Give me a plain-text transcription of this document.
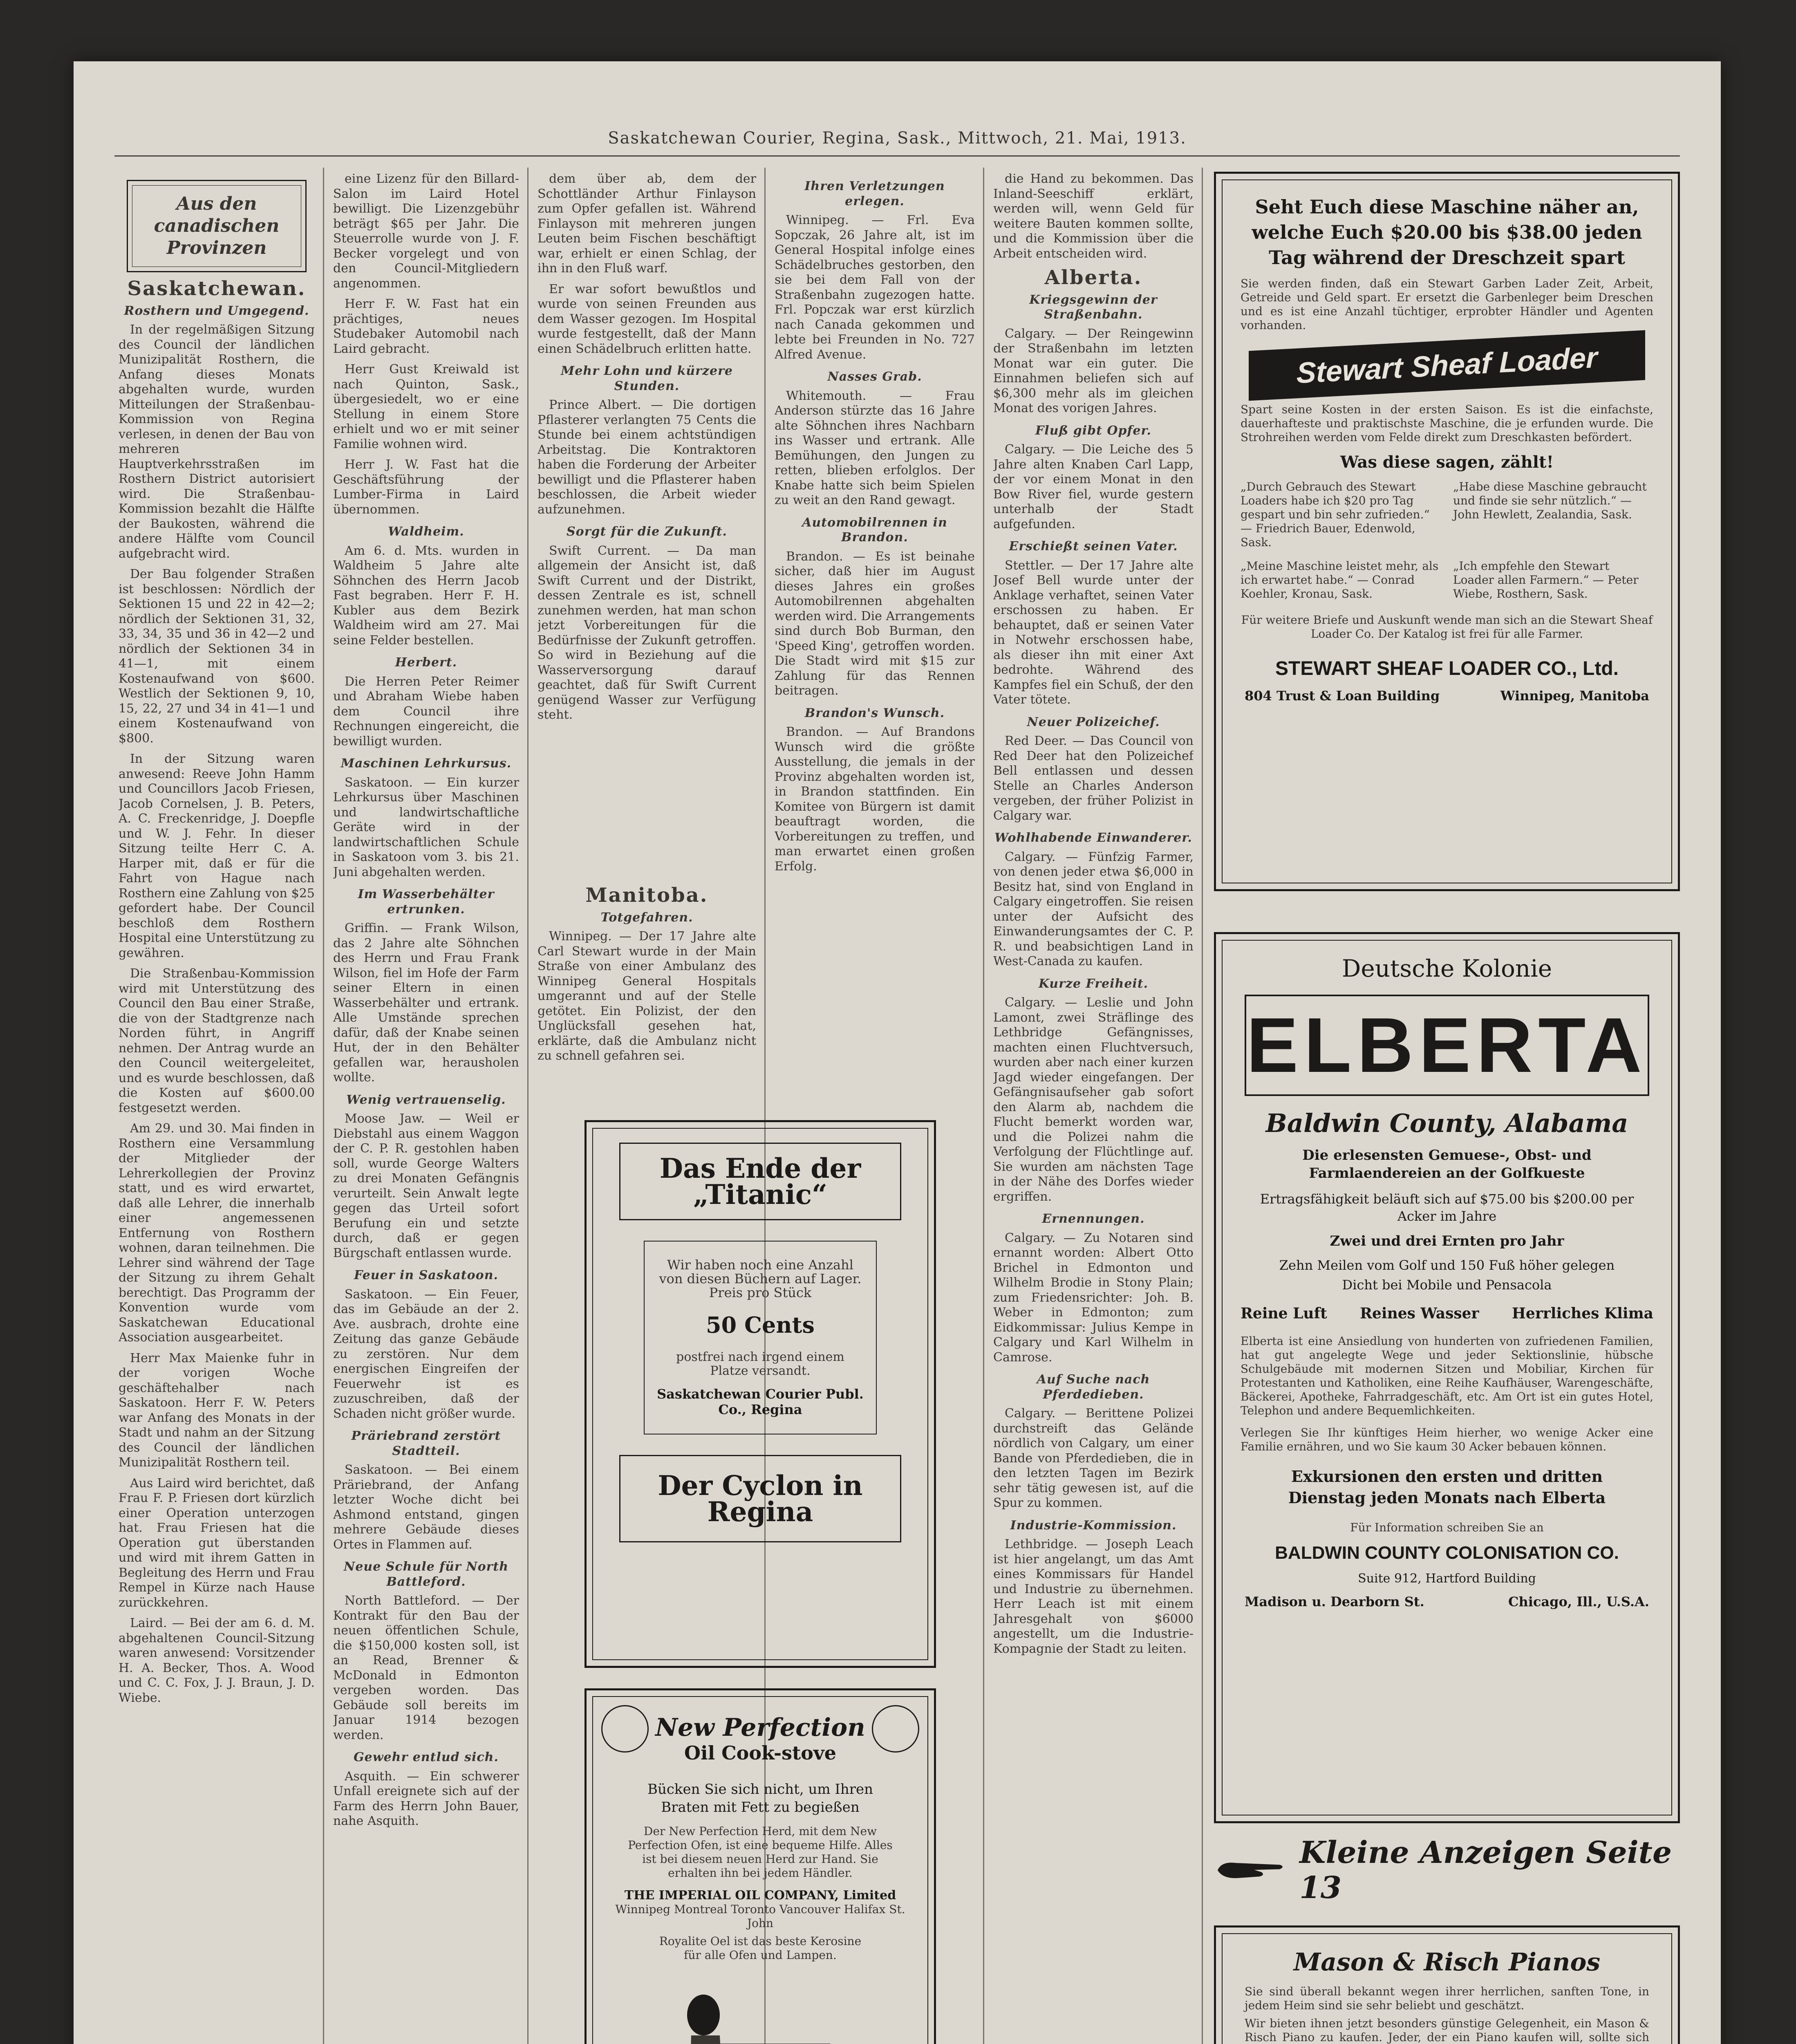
Saskatchewan Courier, Regina, Sask., Mittwoch, 21. Mai, 1913.
Aus den canadischen
Provinzen
Saskatchewan.
Rosthern und Umgegend.

In der regelmäßigen Sitzung des Council der ländlichen Munizipalität Rosthern, die Anfang dieses Monats abgehalten wurde, wurden Mitteilungen der Straßenbau-Kommission von Regina verlesen, in denen der Bau von mehreren Hauptverkehrsstraßen im Rosthern District autorisiert wird. Die Straßenbau-Kommission bezahlt die Hälfte der Baukosten, während die andere Hälfte vom Council aufgebracht wird.

Der Bau folgender Straßen ist beschlossen: Nördlich der Sektionen 15 und 22 in 42—2; nördlich der Sektionen 31, 32, 33, 34, 35 und 36 in 42—2 und nördlich der Sektionen 34 in 41—1, mit einem Kostenaufwand von $600. Westlich der Sektionen 9, 10, 15, 22, 27 und 34 in 41—1 und einem Kostenaufwand von $800.

In der Sitzung waren anwesend: Reeve John Hamm und Councillors Jacob Friesen, Jacob Cornelsen, J. B. Peters, A. C. Freckenridge, J. Doepfle und W. J. Fehr. In dieser Sitzung teilte Herr C. A. Harper mit, daß er für die Fahrt von Hague nach Rosthern eine Zahlung von $25 gefordert habe. Der Council beschloß dem Rosthern Hospital eine Unterstützung zu gewähren.

Die Straßenbau-Kommission wird mit Unterstützung des Council den Bau einer Straße, die von der Stadtgrenze nach Norden führt, in Angriff nehmen. Der Antrag wurde an den Council weitergeleitet, und es wurde beschlossen, daß die Kosten auf $600.00 festgesetzt werden.

Am 29. und 30. Mai finden in Rosthern eine Versammlung der Mitglieder der Lehrerkollegien der Provinz statt, und es wird erwartet, daß alle Lehrer, die innerhalb einer angemessenen Entfernung von Rosthern wohnen, daran teilnehmen. Die Lehrer sind während der Tage der Sitzung zu ihrem Gehalt berechtigt. Das Programm der Konvention wurde vom Saskatchewan Educational Association ausgearbeitet.

Herr Max Maienke fuhr in der vorigen Woche geschäftehalber nach Saskatoon. Herr F. W. Peters war Anfang des Monats in der Stadt und nahm an der Sitzung des Council der ländlichen Munizipalität Rosthern teil.

Aus Laird wird berichtet, daß Frau F. P. Friesen dort kürzlich einer Operation unterzogen hat. Frau Friesen hat die Operation gut überstanden und wird mit ihrem Gatten in Begleitung des Herrn und Frau Rempel in Kürze nach Hause zurückkehren.

Laird. — Bei der am 6. d. M. abgehaltenen Council-Sitzung waren anwesend: Vorsitzender H. A. Becker, Thos. A. Wood und C. C. Fox, J. J. Braun, J. D. Wiebe.

eine Lizenz für den Billard-Salon im Laird Hotel bewilligt. Die Lizenzgebühr beträgt $65 per Jahr. Die Steuerrolle wurde von J. F. Becker vorgelegt und von den Council-Mitgliedern angenommen.

Herr F. W. Fast hat ein prächtiges, neues Studebaker Automobil nach Laird gebracht.

Herr Gust Kreiwald ist nach Quinton, Sask., übergesiedelt, wo er eine Stellung in einem Store erhielt und wo er mit seiner Familie wohnen wird.

Herr J. W. Fast hat die Geschäftsführung der Lumber-Firma in Laird übernommen.

Waldheim.

Am 6. d. Mts. wurden in Waldheim 5 Jahre alte Söhnchen des Herrn Jacob Fast begraben. Herr F. H. Kubler aus dem Bezirk Waldheim wird am 27. Mai seine Felder bestellen.

Herbert.

Die Herren Peter Reimer und Abraham Wiebe haben dem Council ihre Rechnungen eingereicht, die bewilligt wurden.

Maschinen Lehrkursus.

Saskatoon. — Ein kurzer Lehrkursus über Maschinen und landwirtschaftliche Geräte wird in der landwirtschaftlichen Schule in Saskatoon vom 3. bis 21. Juni abgehalten werden.

Im Wasserbehälter ertrunken.

Griffin. — Frank Wilson, das 2 Jahre alte Söhnchen des Herrn und Frau Frank Wilson, fiel im Hofe der Farm seiner Eltern in einen Wasserbehälter und ertrank. Alle Umstände sprechen dafür, daß der Knabe seinen Hut, der in den Behälter gefallen war, herausholen wollte.

Wenig vertrauenselig.

Moose Jaw. — Weil er Diebstahl aus einem Waggon der C. P. R. gestohlen haben soll, wurde George Walters zu drei Monaten Gefängnis verurteilt. Sein Anwalt legte gegen das Urteil sofort Berufung ein und setzte durch, daß er gegen Bürgschaft entlassen wurde.

Feuer in Saskatoon.

Saskatoon. — Ein Feuer, das im Gebäude an der 2. Ave. ausbrach, drohte eine Zeitung das ganze Gebäude zu zerstören. Nur dem energischen Eingreifen der Feuerwehr ist es zuzuschreiben, daß der Schaden nicht größer wurde.

Präriebrand zerstört Stadtteil.

Saskatoon. — Bei einem Präriebrand, der Anfang letzter Woche dicht bei Ashmond entstand, gingen mehrere Gebäude dieses Ortes in Flammen auf.

Neue Schule für North Battleford.

North Battleford. — Der Kontrakt für den Bau der neuen öffentlichen Schule, die $150,000 kosten soll, ist an Read, Brenner & McDonald in Edmonton vergeben worden. Das Gebäude soll bereits im Januar 1914 bezogen werden.

Gewehr entlud sich.

Asquith. — Ein schwerer Unfall ereignete sich auf der Farm des Herrn John Bauer, nahe Asquith.

dem über ab, dem der Schottländer Arthur Finlayson zum Opfer gefallen ist. Während Finlayson mit mehreren jungen Leuten beim Fischen beschäftigt war, erhielt er einen Schlag, der ihn in den Fluß warf.

Er war sofort bewußtlos und wurde von seinen Freunden aus dem Wasser gezogen. Im Hospital wurde festgestellt, daß der Mann einen Schädelbruch erlitten hatte.

Mehr Lohn und kürzere Stunden.

Prince Albert. — Die dortigen Pflasterer verlangten 75 Cents die Stunde bei einem achtstündigen Arbeitstag. Die Kontraktoren haben die Forderung der Arbeiter bewilligt und die Pflasterer haben beschlossen, die Arbeit wieder aufzunehmen.

Sorgt für die Zukunft.

Swift Current. — Da man allgemein der Ansicht ist, daß Swift Current und der Distrikt, dessen Zentrale es ist, schnell zunehmen werden, hat man schon jetzt Vorbereitungen für die Bedürfnisse der Zukunft getroffen. So wird in Beziehung auf die Wasserversorgung darauf geachtet, daß für Swift Current genügend Wasser zur Verfügung steht.

Ihren Verletzungen erlegen.

Winnipeg. — Frl. Eva Sopczak, 26 Jahre alt, ist im General Hospital infolge eines Schädelbruches gestorben, den sie bei dem Fall von der Straßenbahn zugezogen hatte. Frl. Popczak war erst kürzlich nach Canada gekommen und lebte bei Freunden in No. 727 Alfred Avenue.

Nasses Grab.

Whitemouth. — Frau Anderson stürzte das 16 Jahre alte Söhnchen ihres Nachbarn ins Wasser und ertrank. Alle Bemühungen, den Jungen zu retten, blieben erfolglos. Der Knabe hatte sich beim Spielen zu weit an den Rand gewagt.

Automobilrennen in Brandon.

Brandon. — Es ist beinahe sicher, daß hier im August dieses Jahres ein großes Automobilrennen abgehalten werden wird. Die Arrangements sind durch Bob Burman, den 'Speed King', getroffen worden. Die Stadt wird mit $15 zur Zahlung für das Rennen beitragen.

Brandon's Wunsch.

Brandon. — Auf Brandons Wunsch wird die größte Ausstellung, die jemals in der Provinz abgehalten worden ist, in Brandon stattfinden. Ein Komitee von Bürgern ist damit beauftragt worden, die Vorbereitungen zu treffen, und man erwartet einen großen Erfolg.

Manitoba.
Totgefahren.

Winnipeg. — Der 17 Jahre alte Carl Stewart wurde in der Main Straße von einer Ambulanz des Winnipeg General Hospitals umgerannt und auf der Stelle getötet. Ein Polizist, der den Unglücksfall gesehen hat, erklärte, daß die Ambulanz nicht zu schnell gefahren sei.

Das Ende der „Titanic“
Wir haben noch eine Anzahl von diesen Büchern auf Lager. Preis pro Stück
50 Cents
postfrei nach irgend einem Platze versandt.
Saskatchewan Courier Publ. Co., Regina
Der Cyclon in Regina
New Perfection
Oil Cook-stove
Bücken Sie sich nicht, um Ihren Braten mit Fett zu begießen
Der New Perfection Herd, mit dem New Perfection Ofen, ist eine bequeme Hilfe. Alles ist bei diesem neuen Herd zur Hand. Sie erhalten ihn bei jedem Händler.
THE IMPERIAL OIL COMPANY, Limited
Winnipeg Montreal Toronto Vancouver Halifax St. John
Royalite Oel ist das beste Kerosine für alle Ofen und Lampen.

die Hand zu bekommen. Das Inland-Seeschiff erklärt, werden will, wenn Geld für weitere Bauten kommen sollte, und die Kommission über die Arbeit entscheiden wird.

Alberta.
Kriegsgewinn der Straßenbahn.

Calgary. — Der Reingewinn der Straßenbahn im letzten Monat war ein guter. Die Einnahmen beliefen sich auf $6,300 mehr als im gleichen Monat des vorigen Jahres.

Fluß gibt Opfer.

Calgary. — Die Leiche des 5 Jahre alten Knaben Carl Lapp, der vor einem Monat in den Bow River fiel, wurde gestern unterhalb der Stadt aufgefunden.

Erschießt seinen Vater.

Stettler. — Der 17 Jahre alte Josef Bell wurde unter der Anklage verhaftet, seinen Vater erschossen zu haben. Er behauptet, daß er seinen Vater in Notwehr erschossen habe, als dieser ihn mit einer Axt bedrohte. Während des Kampfes fiel ein Schuß, der den Vater tötete.

Neuer Polizeichef.

Red Deer. — Das Council von Red Deer hat den Polizeichef Bell entlassen und dessen Stelle an Charles Anderson vergeben, der früher Polizist in Calgary war.

Wohlhabende Einwanderer.

Calgary. — Fünfzig Farmer, von denen jeder etwa $6,000 in Besitz hat, sind von England in Calgary eingetroffen. Sie reisen unter der Aufsicht des Einwanderungsamtes der C. P. R. und beabsichtigen Land in West-Canada zu kaufen.

Kurze Freiheit.

Calgary. — Leslie und John Lamont, zwei Sträflinge des Lethbridge Gefängnisses, machten einen Fluchtversuch, wurden aber nach einer kurzen Jagd wieder eingefangen. Der Gefängnisaufseher gab sofort den Alarm ab, nachdem die Flucht bemerkt worden war, und die Polizei nahm die Verfolgung der Flüchtlinge auf. Sie wurden am nächsten Tage in der Nähe des Dorfes wieder ergriffen.

Ernennungen.

Calgary. — Zu Notaren sind ernannt worden: Albert Otto Brichel in Edmonton und Wilhelm Brodie in Stony Plain; zum Friedensrichter: Joh. B. Weber in Edmonton; zum Eidkommissar: Julius Kempe in Calgary und Karl Wilhelm in Camrose.

Auf Suche nach Pferdedieben.

Calgary. — Berittene Polizei durchstreift das Gelände nördlich von Calgary, um einer Bande von Pferdedieben, die in den letzten Tagen im Bezirk sehr tätig gewesen ist, auf die Spur zu kommen.

Industrie-Kommission.

Lethbridge. — Joseph Leach ist hier angelangt, um das Amt eines Kommissars für Handel und Industrie zu übernehmen. Herr Leach ist mit einem Jahresgehalt von $6000 angestellt, um die Industrie-Kompagnie der Stadt zu leiten.

Seht Euch diese Maschine näher an, welche Euch $20.00 bis $38.00 jeden Tag während der Dreschzeit spart
Sie werden finden, daß ein Stewart Garben Lader Zeit, Arbeit, Getreide und Geld spart. Er ersetzt die Garbenleger beim Dreschen und es ist eine Anzahl tüchtiger, erprobter Händler und Agenten vorhanden.
Stewart Sheaf Loader
Spart seine Kosten in der ersten Saison. Es ist die einfachste, dauerhafteste und praktischste Maschine, die je erfunden wurde. Die Strohreihen werden vom Felde direkt zum Dreschkasten befördert.
Was diese sagen, zählt!
„Durch Gebrauch des Stewart Loaders habe ich $20 pro Tag gespart und bin sehr zufrieden.“ — Friedrich Bauer, Edenwold, Sask.
„Habe diese Maschine gebraucht und finde sie sehr nützlich.“ — John Hewlett, Zealandia, Sask.
„Meine Maschine leistet mehr, als ich erwartet habe.“ — Conrad Koehler, Kronau, Sask.
„Ich empfehle den Stewart Loader allen Farmern.“ — Peter Wiebe, Rosthern, Sask.
Für weitere Briefe und Auskunft wende man sich an die Stewart Sheaf Loader Co. Der Katalog ist frei für alle Farmer.
STEWART SHEAF LOADER CO., Ltd.
804 Trust & Loan Building	Winnipeg, Manitoba
Deutsche Kolonie
ELBERTA
Baldwin County, Alabama
Die erlesensten Gemuese-, Obst- und Farmlaendereien an der Golfkueste
Ertragsfähigkeit beläuft sich auf $75.00 bis $200.00 per Acker im Jahre
Zwei und drei Ernten pro Jahr
Zehn Meilen vom Golf und 150 Fuß höher gelegen
Dicht bei Mobile und Pensacola
Reine Luft Reines Wasser Herrliches Klima
Elberta ist eine Ansiedlung von hunderten von zufriedenen Familien, hat gut angelegte Wege und jeder Sektionslinie, hübsche Schulgebäude mit modernen Sitzen und Mobiliar, Kirchen für Protestanten und Katholiken, eine Reihe Kaufhäuser, Warengeschäfte, Bäckerei, Apotheke, Fahrradgeschäft, etc. Am Ort ist ein gutes Hotel, Telephon und andere Bequemlichkeiten.
Verlegen Sie Ihr künftiges Heim hierher, wo wenige Acker eine Familie ernähren, und wo Sie kaum 30 Acker bebauen können.
Exkursionen den ersten und dritten Dienstag jeden Monats nach Elberta
Für Information schreiben Sie an
BALDWIN COUNTY COLONISATION CO.
Suite 912, Hartford Building
Madison u. Dearborn St.	Chicago, Ill., U.S.A.
Kleine Anzeigen Seite 13
Mason & Risch Pianos
Sie sind überall bekannt wegen ihrer herrlichen, sanften Tone, in jedem Heim sind sie sehr beliebt und geschätzt.
Wir bieten ihnen jetzt besonders günstige Gelegenheit, ein Mason & Risch Piano zu kaufen. Jeder, der ein Piano kaufen will, sollte sich
